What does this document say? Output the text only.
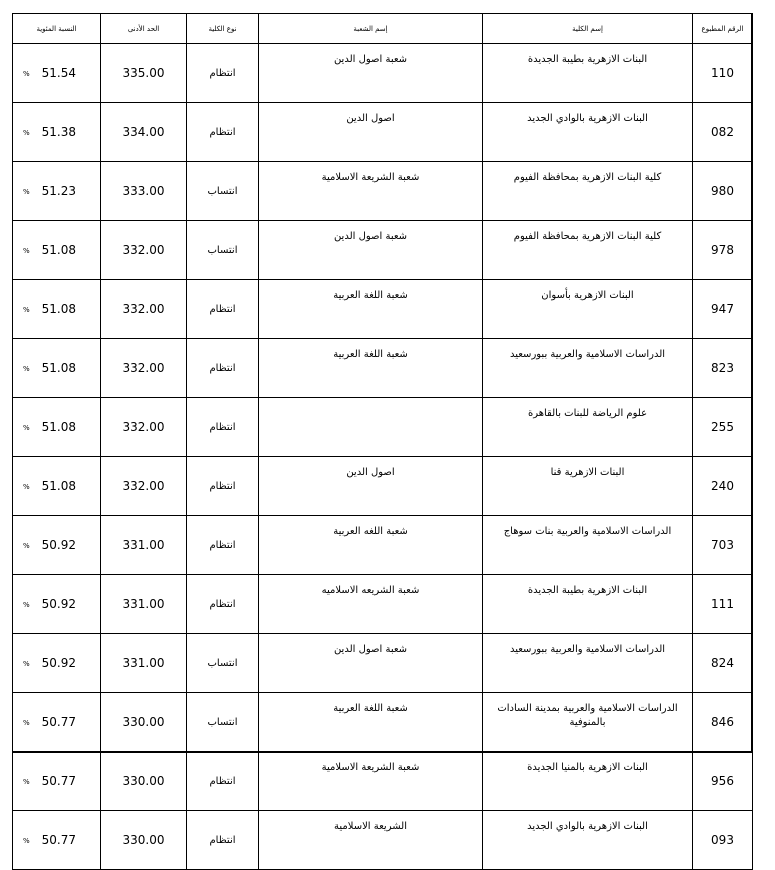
الرقم المطبوع	إسم الكلية	إسم الشعبة	نوع الكلية	الحد الأدنى	النسبة المئوية
110	البنات الازهرية بطيبة الجديدة	شعبة اصول الدين	انتظام	335.00	51.54
%

082	البنات الازهرية بالوادي الجديد	اصول الدين	انتظام	334.00	51.38
%

980	كلية البنات الازهرية بمحافظة الفيوم	شعبة الشريعة الاسلامية	انتساب	333.00	51.23
%

978	كلية البنات الازهرية بمحافظة الفيوم	شعبة اصول الدين	انتساب	332.00	51.08
%

947	البنات الازهرية بأسوان	شعبة اللغة العربية	انتظام	332.00	51.08
%

823	الدراسات الاسلامية والعربية ببورسعيد	شعبة اللغة العربية	انتظام	332.00	51.08
%

255	علوم الرياضة للبنات بالقاهرة		انتظام	332.00	51.08
%

240	البنات الازهرية قنا	اصول الدين	انتظام	332.00	51.08
%

703	الدراسات الاسلامية والعربية بنات سوهاج	شعبة اللغه العربية	انتظام	331.00	50.92
%

111	البنات الازهرية بطيبة الجديدة	شعبة الشريعه الاسلاميه	انتظام	331.00	50.92
%

824	الدراسات الاسلامية والعربية ببورسعيد	شعبة اصول الدين	انتساب	331.00	50.92
%

846	الدراسات الاسلامية والعربية بمدينة السادات بالمنوفية	شعبة اللغة العربية	انتساب	330.00	50.77
%

956	البنات الازهرية بالمنيا الجديدة	شعبة الشريعة الاسلامية	انتظام	330.00	50.77
%

093	البنات الازهرية بالوادي الجديد	الشريعة الاسلامية	انتظام	330.00	50.77
%
